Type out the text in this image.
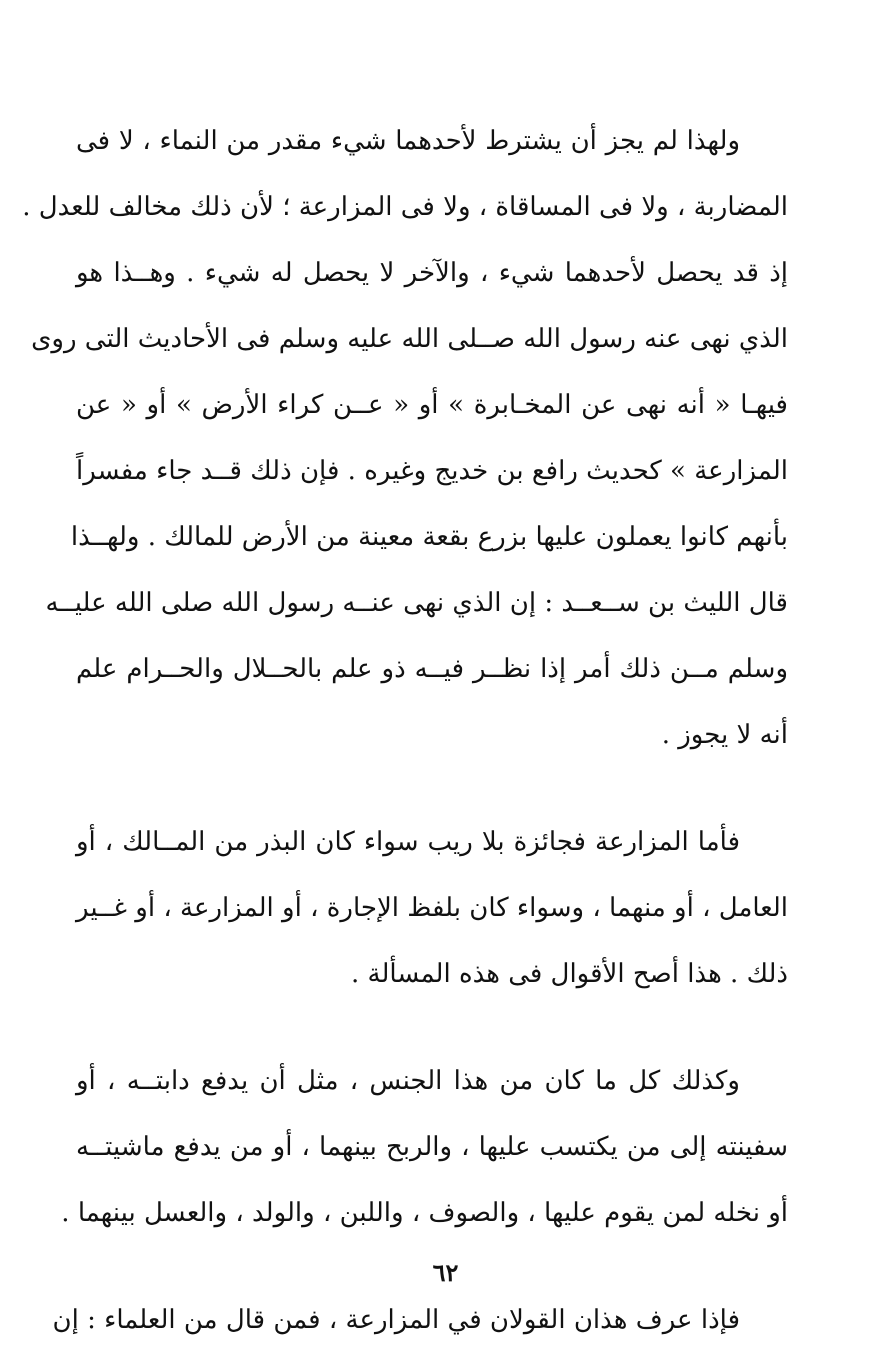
ولهذا لم يجز أن يشترط لأحدهما شيء مقدر من النماء ، لا فى
المضاربة ، ولا فى المساقاة ، ولا فى المزارعة ؛ لأن ذلك مخالف للعدل .
إذ قد يحصل لأحدهما شيء ، والآخر لا يحصل له شيء . وهــذا هو
الذي نهى عنه رسول الله صــلى الله عليه وسلم فى الأحاديث التى روى
فيهـا « أنه نهى عن المخـابرة » أو « عــن كراء الأرض » أو « عن
المزارعة » كحديث رافع بن خديج وغيره . فإن ذلك قــد جاء مفسراً
بأنهم كانوا يعملون عليها بزرع بقعة معينة من الأرض للمالك . ولهــذا
قال الليث بن ســعــد : إن الذي نهى عنــه رسول الله صلى الله عليــه
وسلم مــن ذلك أمر إذا نظــر فيــه ذو علم بالحــلال والحــرام علم
أنه لا يجوز .
فأما المزارعة فجائزة بلا ريب سواء كان البذر من المــالك ، أو
العامل ، أو منهما ، وسواء كان بلفظ الإجارة ، أو المزارعة ، أو غــير
ذلك . هذا أصح الأقوال فى هذه المسألة .
وكذلك كل ما كان من هذا الجنس ، مثل أن يدفع دابتــه ، أو
سفينته إلى من يكتسب عليها ، والربح بينهما ، أو من يدفع ماشيتــه
أو نخله لمن يقوم عليها ، والصوف ، واللبن ، والولد ، والعسل بينهما .
فإذا عرف هذان القولان في المزارعة ، فمن قال من العلماء : إن
٦٢
